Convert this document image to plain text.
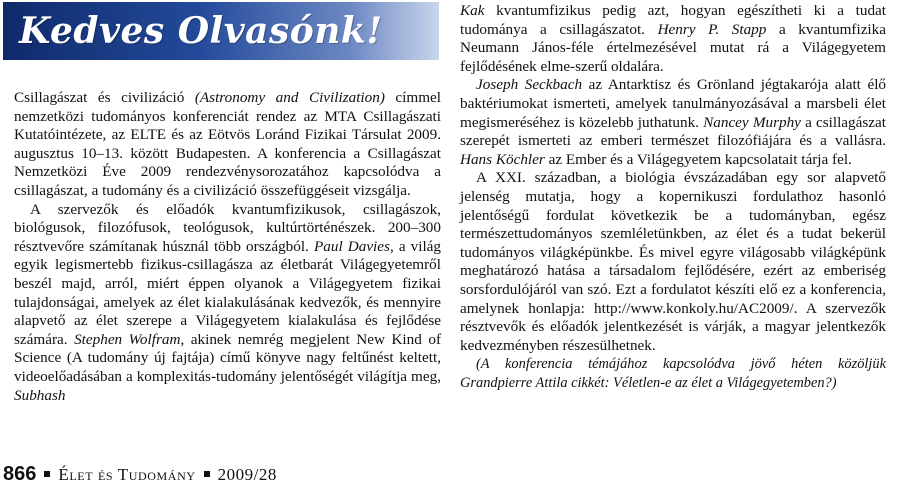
Kedves Olvasónk!

Csillagászat és civilizáció (Astronomy and Civilization) címmel nemzetközi tudományos konferenciát rendez az MTA Csillagászati Kutatóintézete, az ELTE és az Eötvös Loránd Fizikai Társulat 2009. augusztus 10–13. között Budapesten. A konferencia a Csillagászat Nemzetközi Éve 2009 rendezvénysorozatához kapcsolódva a csillagászat, a tudomány és a civilizáció összefüggéseit vizsgálja.

A szervezők és előadók kvantumfizikusok, csillagászok, biológusok, filozófusok, teológusok, kultúrtörténészek. 200–300 résztvevőre számítanak húsznál több országból. Paul Davies, a világ egyik legismertebb fizikus-csillagásza az életbarát Világegyetemről beszél majd, arról, miért éppen olyanok a Világegyetem fizikai tulajdonságai, amelyek az élet kialakulásának kedvezők, és mennyire alapvető az élet szerepe a Világegyetem kialakulása és fejlődése számára. Stephen Wolfram, akinek nemrég megjelent New Kind of Science (A tudomány új fajtája) című könyve nagy feltűnést keltett, videoelőadásában a komplexitás-tudomány jelentőségét világítja meg, Subhash

Kak kvantumfizikus pedig azt, hogyan egészítheti ki a tudat tudománya a csillagászatot. Henry P. Stapp a kvantumfizika Neumann János-féle értelmezésével mutat rá a Világegyetem fejlődésének elme-szerű oldalára.

Joseph Seckbach az Antarktisz és Grönland jégtakarója alatt élő baktériumokat ismerteti, amelyek tanulmányozásával a marsbeli élet megismeréséhez is közelebb juthatunk. Nancey Murphy a csillagászat szerepét ismerteti az emberi természet filozófiájára és a vallásra. Hans Köchler az Ember és a Világegyetem kapcsolatait tárja fel.

A XXI. században, a biológia évszázadában egy sor alapvető jelenség mutatja, hogy a kopernikuszi fordulathoz hasonló jelentőségű fordulat következik be a tudományban, egész természettudományos szemléletünkben, az élet és a tudat bekerül tudományos világképünkbe. És mivel egyre világosabb világképünk meghatározó hatása a társadalom fejlődésére, ezért az emberiség sorsfordulójáról van szó. Ezt a fordulatot készíti elő ez a konferencia, amelynek honlapja: http://www.konkoly.hu/AC2009/. A szervezők résztvevők és előadók jelentkezését is várják, a magyar jelentkezők kedvezményben részesülhetnek.

(A konferencia témájához kapcsolódva jövő héten közöljük Grandpierre Attila cikkét: Véletlen-e az élet a Világegyetemben?)

866 Élet és Tudomány 2009/28
